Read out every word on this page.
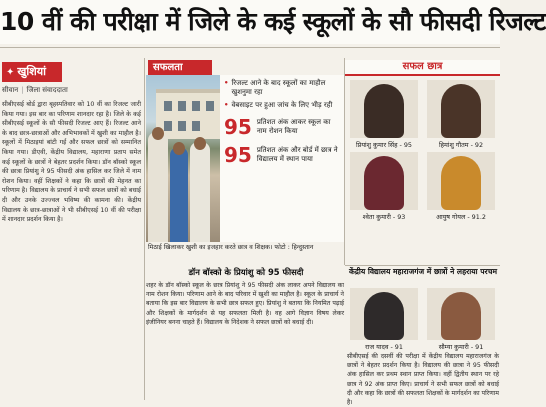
10 वीं की परीक्षा में जिले के कई स्कूलों के सौ फीसदी रिजल्ट
✦ खुशियां
सीवान | जिला संवाददाता
सीबीएसई बोर्ड द्वारा बृहस्पतिवार को 10 वीं का रिजल्ट जारी किया गया। इस बार का परिणाम शानदार रहा है। जिले के कई सीबीएसई स्कूलों के सौ फीसदी रिजल्ट आए हैं। रिजल्ट आने के बाद छात्र-छात्राओं और अभिभावकों में खुशी का माहौल है। स्कूलों में मिठाइयां बांटी गईं और सफल छात्रों को सम्मानित किया गया। डीएवी, केंद्रीय विद्यालय, महाराणा प्रताप समेत कई स्कूलों के छात्रों ने बेहतर प्रदर्शन किया। डॉन बॉस्को स्कूल की छात्रा प्रियांशु ने 95 फीसदी अंक हासिल कर जिले में नाम रोशन किया। वहीं शिक्षकों ने कहा कि छात्रों की मेहनत का परिणाम है। विद्यालय के प्राचार्य ने सभी सफल छात्रों को बधाई दी और उनके उज्ज्वल भविष्य की कामना की। केंद्रीय विद्यालय के छात्र-छात्राओं ने भी सीबीएसई 10 वीं की परीक्षा में शानदार प्रदर्शन किया है।
सफलता
• रिजल्ट आने के बाद स्कूलों का माहौल खुशनुमा रहा
• वेबसाइट पर हुआ जांच के लिए भीड़ रही
95 प्रतिशत अंक आकर स्कूल का नाम रोशन किया
95 प्रतिशत अंक और बोर्ड में छात्र ने विद्यालय में स्थान पाया
मिठाई खिलाकर खुशी का इजहार करते छात्र व शिक्षक। फोटो : हिन्दुस्तान
डॉन बॉस्को के प्रियांशु को 95 फीसदी
शहर के डॉन बॉस्को स्कूल के छात्र प्रियांशु ने 95 फीसदी अंक लाकर अपने विद्यालय का नाम रोशन किया। परिणाम आने के बाद परिवार में खुशी का माहौल है। स्कूल के प्राचार्य ने बताया कि इस बार विद्यालय के सभी छात्र सफल हुए। प्रियांशु ने बताया कि नियमित पढ़ाई और शिक्षकों के मार्गदर्शन से यह सफलता मिली है। वह आगे विज्ञान विषय लेकर इंजीनियर बनना चाहते हैं। विद्यालय के निदेशक ने सफल छात्रों को बधाई दी।
सफल छात्र
प्रियांशु कुमार सिंह - 95	हिमांशु गौतम - 92
श्वेता कुमारी - 93	आयुष गोयल - 91.2
केंद्रीय विद्यालय महाराजगंज में छात्रों ने लहराया परचम
राज यादव - 91	सौम्या कुमारी - 91
सीबीएसई की दसवीं की परीक्षा में केंद्रीय विद्यालय महाराजगंज के छात्रों ने बेहतर प्रदर्शन किया है। विद्यालय की छात्रा ने 95 फीसदी अंक हासिल कर प्रथम स्थान प्राप्त किया। वहीं द्वितीय स्थान पर रहे छात्र ने 92 अंक प्राप्त किए। प्राचार्य ने सभी सफल छात्रों को बधाई दी और कहा कि छात्रों की सफलता शिक्षकों के मार्गदर्शन का परिणाम है।
